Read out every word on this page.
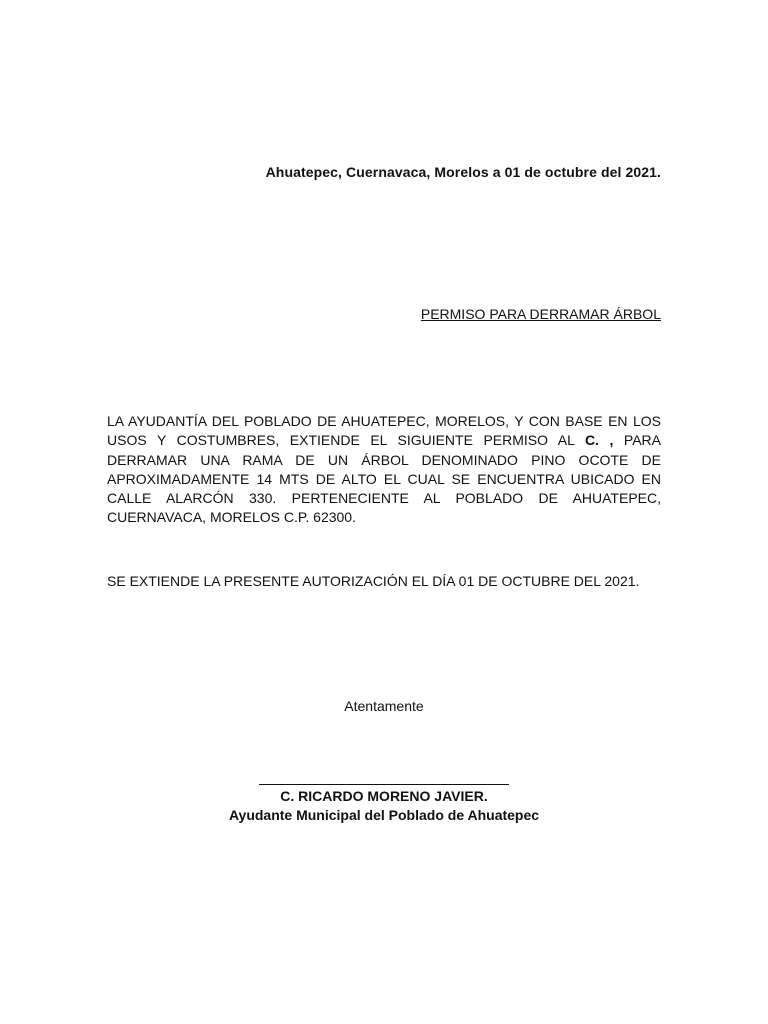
Ahuatepec, Cuernavaca, Morelos a 01 de octubre del 2021.
PERMISO PARA DERRAMAR ÁRBOL
LA AYUDANTÍA DEL POBLADO DE AHUATEPEC, MORELOS, Y CON BASE EN LOS USOS Y COSTUMBRES, EXTIENDE EL SIGUIENTE PERMISO AL C. , PARA DERRAMAR UNA RAMA DE UN ÁRBOL DENOMINADO PINO OCOTE DE APROXIMADAMENTE 14 MTS DE ALTO EL CUAL SE ENCUENTRA UBICADO EN CALLE ALARCÓN 330. PERTENECIENTE AL POBLADO DE AHUATEPEC, CUERNAVACA, MORELOS C.P. 62300.
SE EXTIENDE LA PRESENTE AUTORIZACIÓN EL DÍA 01 DE OCTUBRE DEL 2021.
Atentamente
C. RICARDO MORENO JAVIER.
Ayudante Municipal del Poblado de Ahuatepec
